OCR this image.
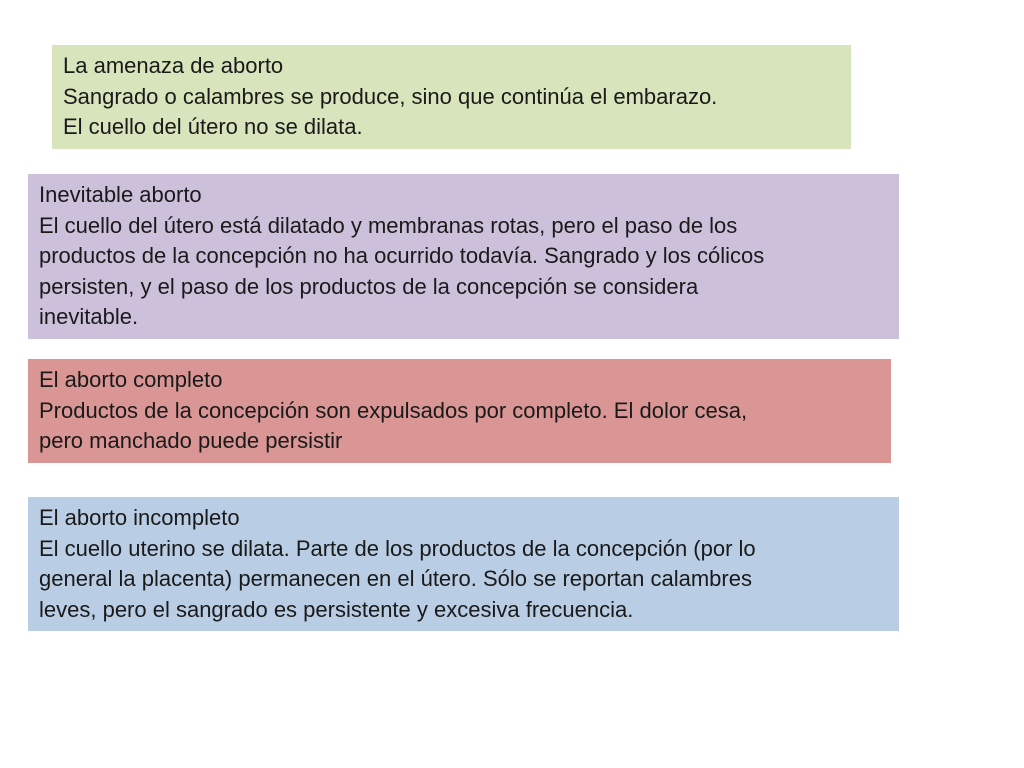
La amenaza de aborto
Sangrado o calambres se produce, sino que continúa el embarazo.
El cuello del útero no se dilata.
Inevitable aborto
El cuello del útero está dilatado y membranas rotas, pero el paso de los
productos de la concepción no ha ocurrido todavía. Sangrado y los cólicos
persisten, y el paso de los productos de la concepción se considera
inevitable.
El aborto completo
Productos de la concepción son expulsados por completo. El dolor cesa,
pero manchado puede persistir
El aborto incompleto
El cuello uterino se dilata. Parte de los productos de la concepción (por lo
general la placenta) permanecen en el útero. Sólo se reportan calambres
leves, pero el sangrado es persistente y excesiva frecuencia.
